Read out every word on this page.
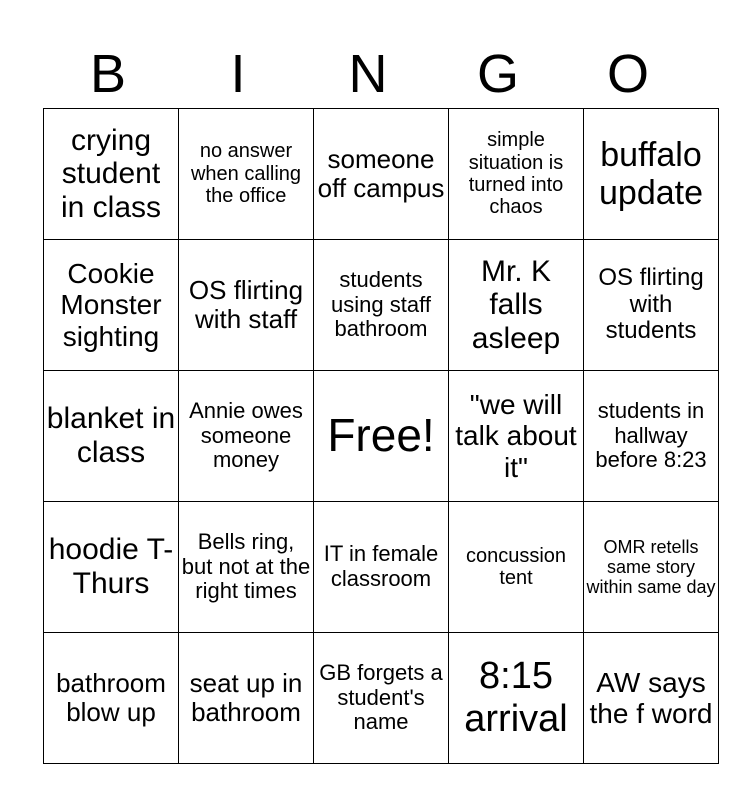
B	I	N	G	O
crying student in class	no answer when calling the office	someone off campus	simple situation is turned into chaos	buffalo update
Cookie Monster sighting	OS flirting with staff	students using staff bathroom	Mr. K falls asleep	OS flirting with students
blanket in class	Annie owes someone money	Free!	"we will talk about it"	students in hallway before 8:23
hoodie T-Thurs	Bells ring, but not at the right times	IT in female classroom	concussion tent	OMR retells same story within same day
bathroom blow up	seat up in bathroom	GB forgets a student's name	8:15 arrival	AW says the f word
